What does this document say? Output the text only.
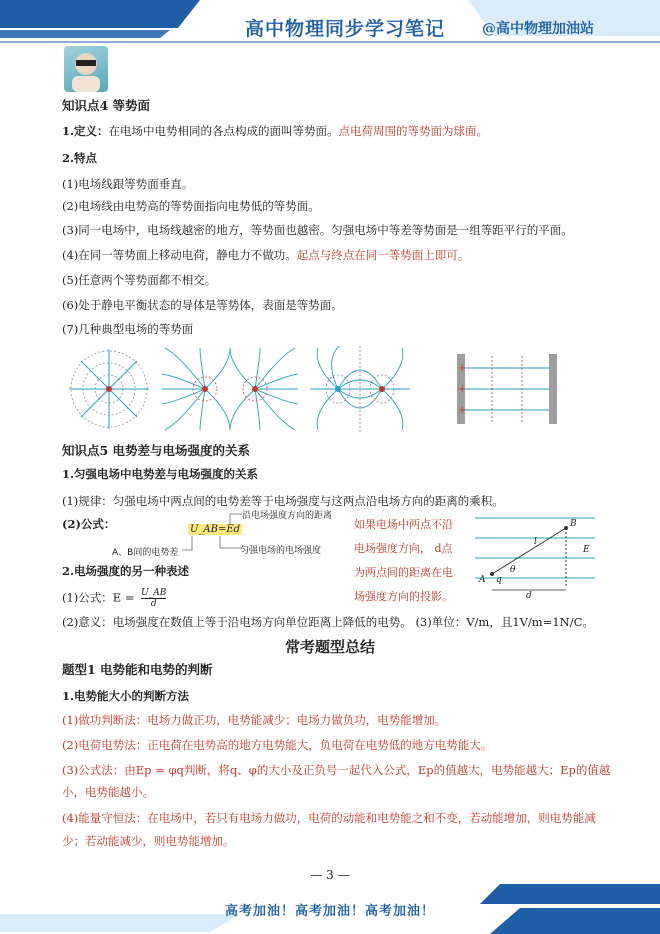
高中物理同步学习笔记	@高中物理加油站
知识点4 等势面
1.定义：在电场中电势相同的各点构成的面叫等势面。点电荷周围的等势面为球面。
2.特点
(1)电场线跟等势面垂直。
(2)电场线由电势高的等势面指向电势低的等势面。
(3)同一电场中，电场线越密的地方，等势面也越密。匀强电场中等差等势面是一组等距平行的平面。
(4)在同一等势面上移动电荷，静电力不做功。起点与终点在同一等势面上即可。
(5)任意两个等势面都不相交。
(6)处于静电平衡状态的导体是等势体，表面是等势面。
(7)几种典型电场的等势面
+
+
+
知识点5 电势差与电场强度的关系
1.匀强电场中电势差与电场强度的关系
(1)规律：匀强电场中两点间的电势差等于电场强度与这两点沿电场方向的距离的乘积。
(2)公式：	U_AB=Ed
沿电场强度方向的距离
A、B间的电势差	匀强电场的电场强度
如果电场中两点不沿
电场强度方向， d点
为两点间的距离在电
场强度方向的投影。
l
B
E
A q
θ
d
2.电场强度的另一种表述
(1)公式：$E = \frac{U\_AB}{d}$
(2)意义：电场强度在数值上等于沿电场方向单位距离上降低的电势。 (3)单位：V/m，且1V/m=1N/C。
常考题型总结
题型1 电势能和电势的判断
1.电势能大小的判断方法
(1)做功判断法：电场力做正功，电势能减少；电场力做负功，电势能增加。
(2)电荷电势法：正电荷在电势高的地方电势能大，负电荷在电势低的地方电势能大。
(3)公式法：由Ep = φq判断，将q、φ的大小及正负号一起代入公式，Ep的值越大，电势能越大；Ep的值越
小，电势能越小。
(4)能量守恒法：在电场中，若只有电场力做功，电荷的动能和电势能之和不变，若动能增加，则电势能减
少；若动能减少，则电势能增加。
— 3 —
高考加油！高考加油！高考加油！
